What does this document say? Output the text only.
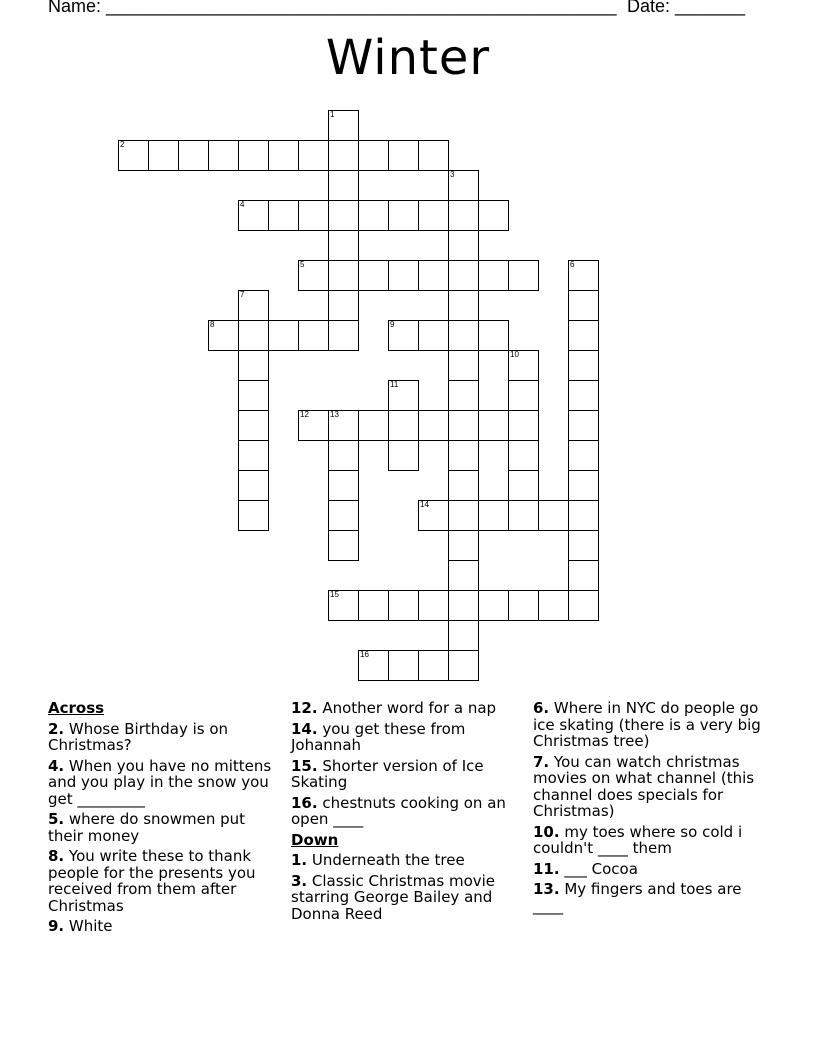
Name: ___________________________________________________ Date: _______
Winter
1
2
3
4
5	6
7
8	9
10
11
12	13
14
15
16
Across
2. Whose Birthday is on Christmas?
4. When you have no mittens and you play in the snow you get _________
5. where do snowmen put their money
8. You write these to thank people for the presents you received from them after Christmas
9. White
12. Another word for a nap
14. you get these from Johannah
15. Shorter version of Ice Skating
16. chestnuts cooking on an open ____
Down
1. Underneath the tree
3. Classic Christmas movie starring George Bailey and Donna Reed
6. Where in NYC do people go ice skating (there is a very big Christmas tree)
7. You can watch christmas movies on what channel (this channel does specials for Christmas)
10. my toes where so cold i couldn't ____ them
11. ___ Cocoa
13. My fingers and toes are ____
